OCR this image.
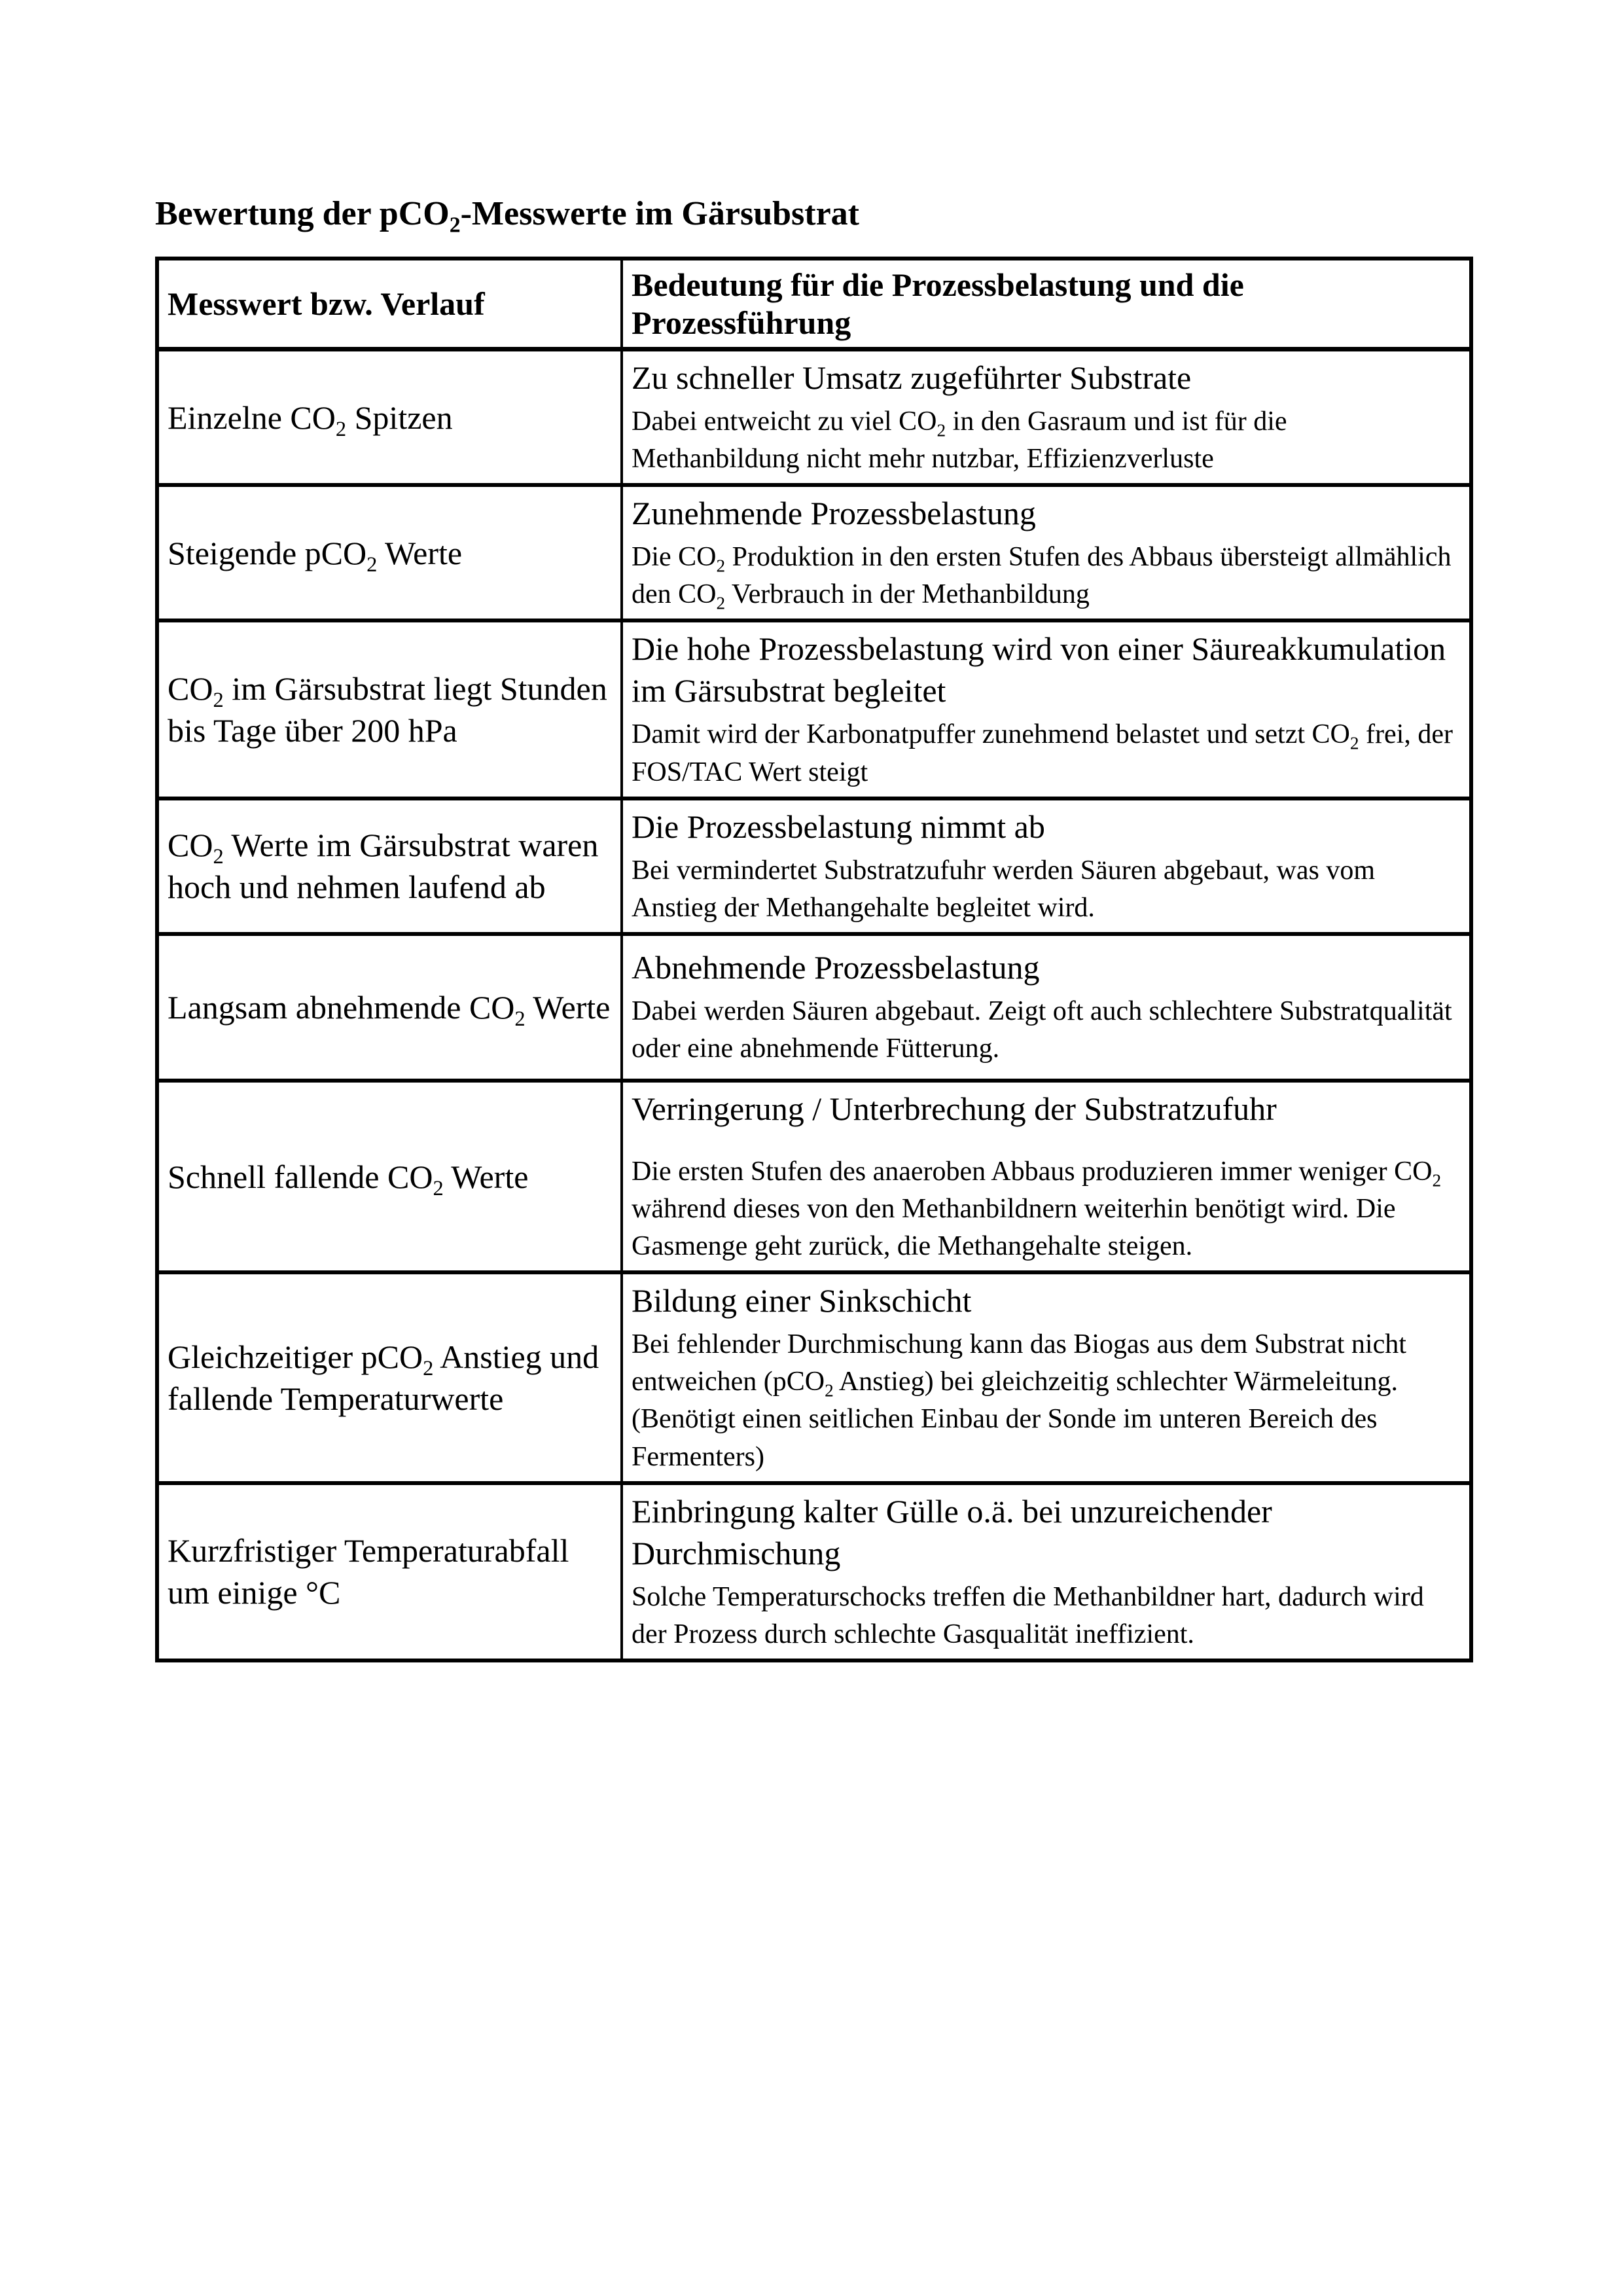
Bewertung der pCO$_2$-Messwerte im Gärsubstrat
Messwert bzw. Verlauf	Bedeutung für die Prozessbelastung und die Prozessführung
Einzelne $CO_2$ Spitzen	Zu schneller Umsatz zugeführter Substrate
Dabei entweicht zu viel $CO_2$ in den Gasraum und ist für die Methanbildung nicht mehr nutzbar, Effizienzverluste

Steigende pCO$_2$ Werte	Zunehmende Prozessbelastung
Die $CO_2$ Produktion in den ersten Stufen des Abbaus übersteigt allmählich den $CO_2$ Verbrauch in der Methanbildung

$CO_2$ im Gärsubstrat liegt Stunden bis Tage über 200 hPa	Die hohe Prozessbelastung wird von einer Säureakkumulation im Gärsubstrat begleitet
Damit wird der Karbonatpuffer zunehmend belastet und setzt $CO_2$ frei, der FOS/TAC Wert steigt

$CO_2$ Werte im Gärsubstrat waren hoch und nehmen laufend ab	Die Prozessbelastung nimmt ab
Bei vermindertet Substratzufuhr werden Säuren abgebaut, was vom Anstieg der Methangehalte begleitet wird.

Langsam abnehmende $CO_2$ Werte	Abnehmende Prozessbelastung
Dabei werden Säuren abgebaut. Zeigt oft auch schlechtere Substratqualität oder eine abnehmende Fütterung.

Schnell fallende $CO_2$ Werte	Verringerung / Unterbrechung der Substratzufuhr
Die ersten Stufen des anaeroben Abbaus produzieren immer weniger $CO_2$ während dieses von den Methanbildnern weiterhin benötigt wird. Die Gasmenge geht zurück, die Methangehalte steigen.

Gleichzeitiger pCO$_2$ Anstieg und fallende Temperaturwerte	Bildung einer Sinkschicht
Bei fehlender Durchmischung kann das Biogas aus dem Substrat nicht entweichen (pCO$_2$ Anstieg) bei gleichzeitig schlechter Wärmeleitung. (Benötigt einen seitlichen Einbau der Sonde im unteren Bereich des Fermenters)

Kurzfristiger Temperaturabfall um einige °C	Einbringung kalter Gülle o.ä. bei unzureichender Durchmischung
Solche Temperaturschocks treffen die Methanbildner hart, dadurch wird der Prozess durch schlechte Gasqualität ineffizient.
